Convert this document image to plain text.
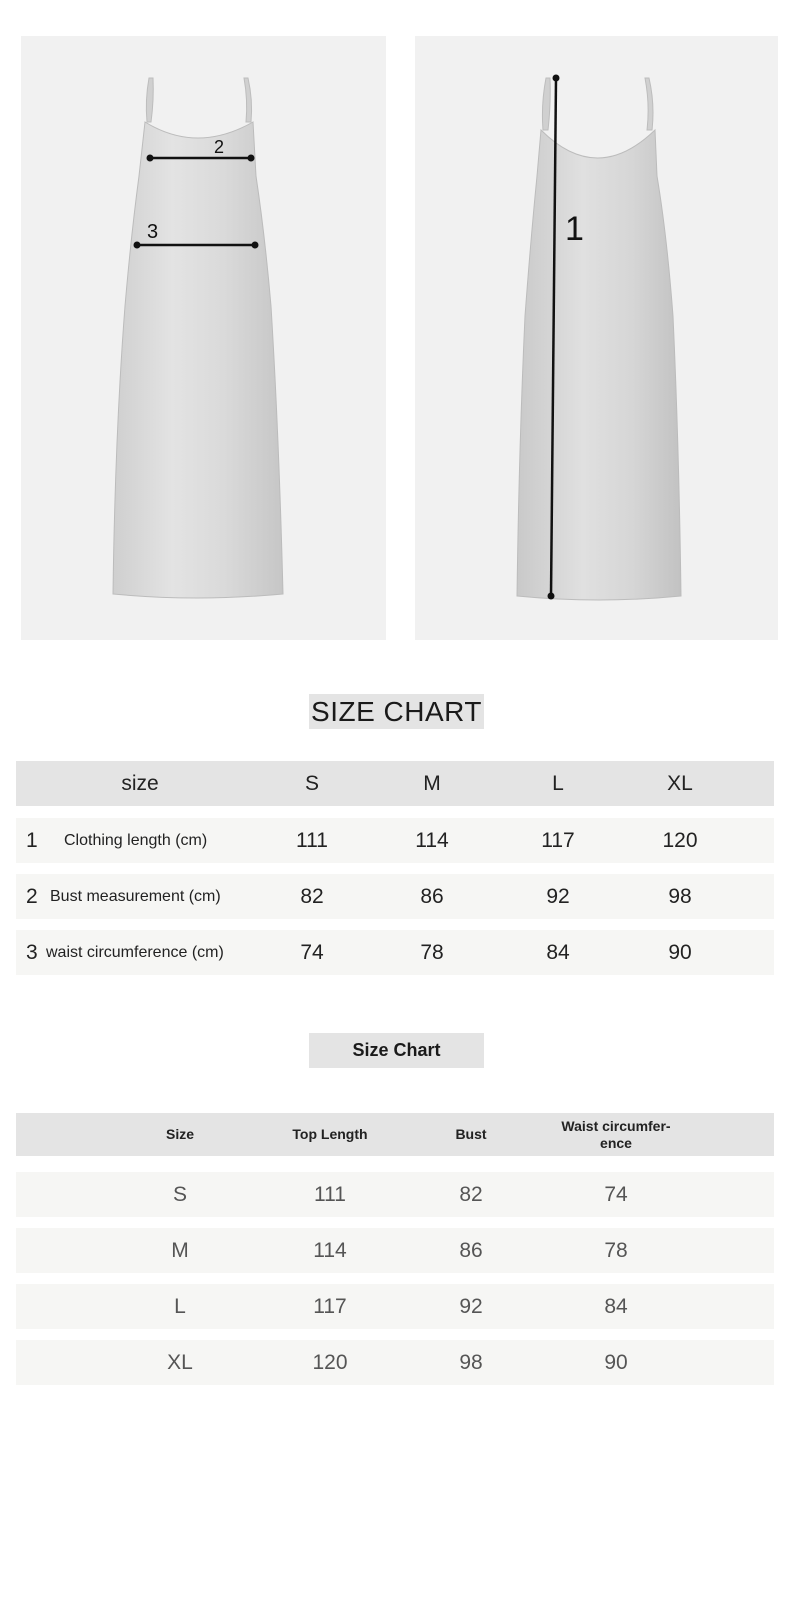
2
3	1
SIZE CHART
size	S	M	L	XL
1 Clothing length (cm)	111	114	117	120
2 Bust measurement (cm)	82	86	92	98
3 waist circumference (cm)	74	78	84	90
Size Chart
Size	Top Length	Bust
Waist circumfer-
ence
S	111	82	74
M	114	86	78
L	117	92	84
XL	120	98	90
